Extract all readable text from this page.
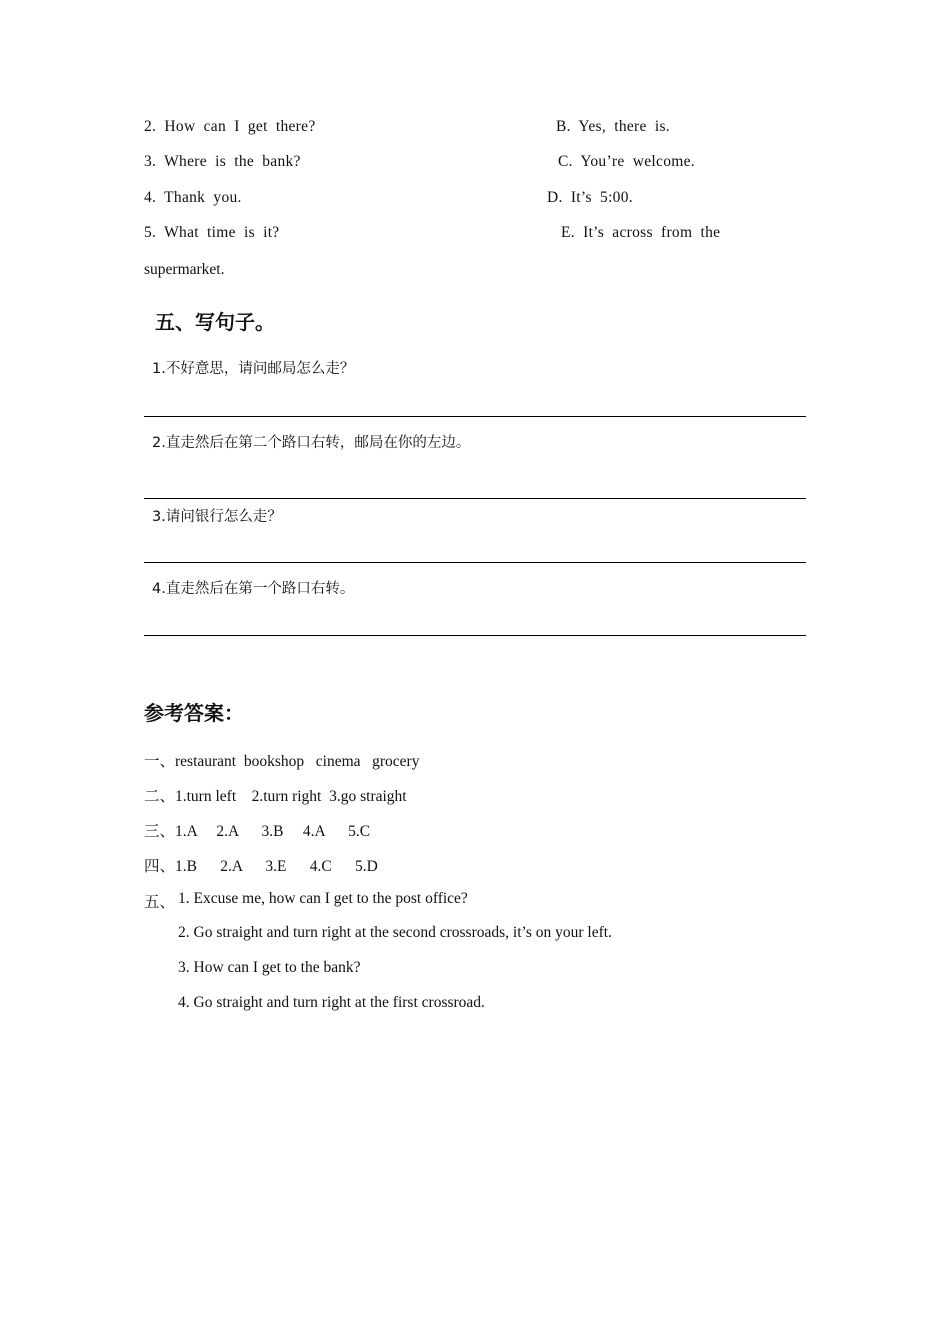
2. How can I get there?	B. Yes, there is.
3. Where is the bank?	C. You’re welcome.
4. Thank you.	D. It’s 5:00.
5. What time is it?	E. It’s across from the
supermarket.
五、写句子。
1.不好意思，请问邮局怎么走？
2.直走然后在第二个路口右转，邮局在你的左边。
3.请问银行怎么走？
4.直走然后在第一个路口右转。
参考答案：
一、restaurant  bookshop   cinema   grocery
二、1.turn left    2.turn right  3.go straight
三、1.A     2.A      3.B     4.A      5.C
四、1.B      2.A      3.E      4.C      5.D
五、 1. Excuse me, how can I get to the post office?
2. Go straight and turn right at the second crossroads, it’s on your left.
3. How can I get to the bank?
4. Go straight and turn right at the first crossroad.
